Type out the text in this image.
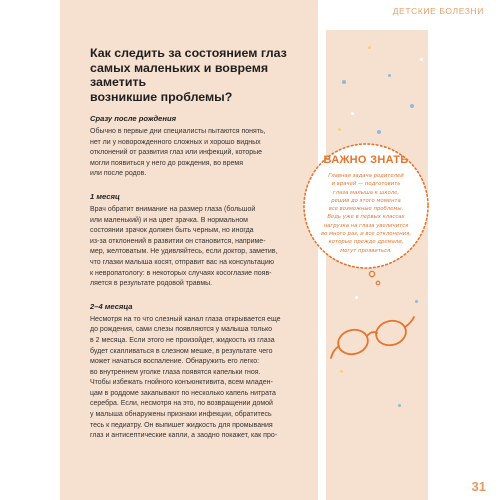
ДЕТСКИЕ БОЛЕЗНИ
Как следить за состоянием глаз
самых маленьких и вовремя заметить
возникшие проблемы?
Сразу после рождения
Обычно в первые дни специалисты пытаются понять,
нет ли у новорожденного сложных и хорошо видных
отклонений от развития глаз или инфекций, которые
могли появиться у него до рождения, во время
или после родов.
1 месяц
Врач обратит внимание на размер глаза (большой
или маленький) и на цвет зрачка. В нормальном
состоянии зрачок должен быть черным, но иногда
из-за отклонений в развитии он становится, наприме-
мер, желтоватым. Не удивляйтесь, если доктор, заметив,
что глазки малыша косят, отправит вас на консультацию
к невропатологу: в некоторых случаях косоглазие появ-
ляется в результате родовой травмы.
2–4 месяца
Несмотря на то что слезный канал глаза открывается еще
до рождения, сами слезы появляются у малыша только
в 2 месяца. Если этого не произойдет, жидкость из глаза
будет скапливаться в слезном мешке, в результате чего
может начаться воспаление. Обнаружить его легко:
во внутреннем уголке глаза появятся капельки гноя.
Чтобы избежать гнойного конъюнктивита, всем младен-
цам в роддоме закапывают по несколько капель нитрата
серебра. Если, несмотря на это, по возвращении домой
у малыша обнаружены признаки инфекции, обратитесь
тесь к педиатру. Он выпишет жидкость для промывания
глаз и антисептические капли, а заодно покажет, как про-
ВАЖНО ЗНАТЬ
Главная задача родителей
и врачей — подготовить
глаза малыша к школе,
решив до этого момента
все возможные проблемы.
Ведь уже в первых классах
нагрузка на глаза увеличится
во много раз, и все отклонения,
которые прежде дремали,
могут проявиться.
31
